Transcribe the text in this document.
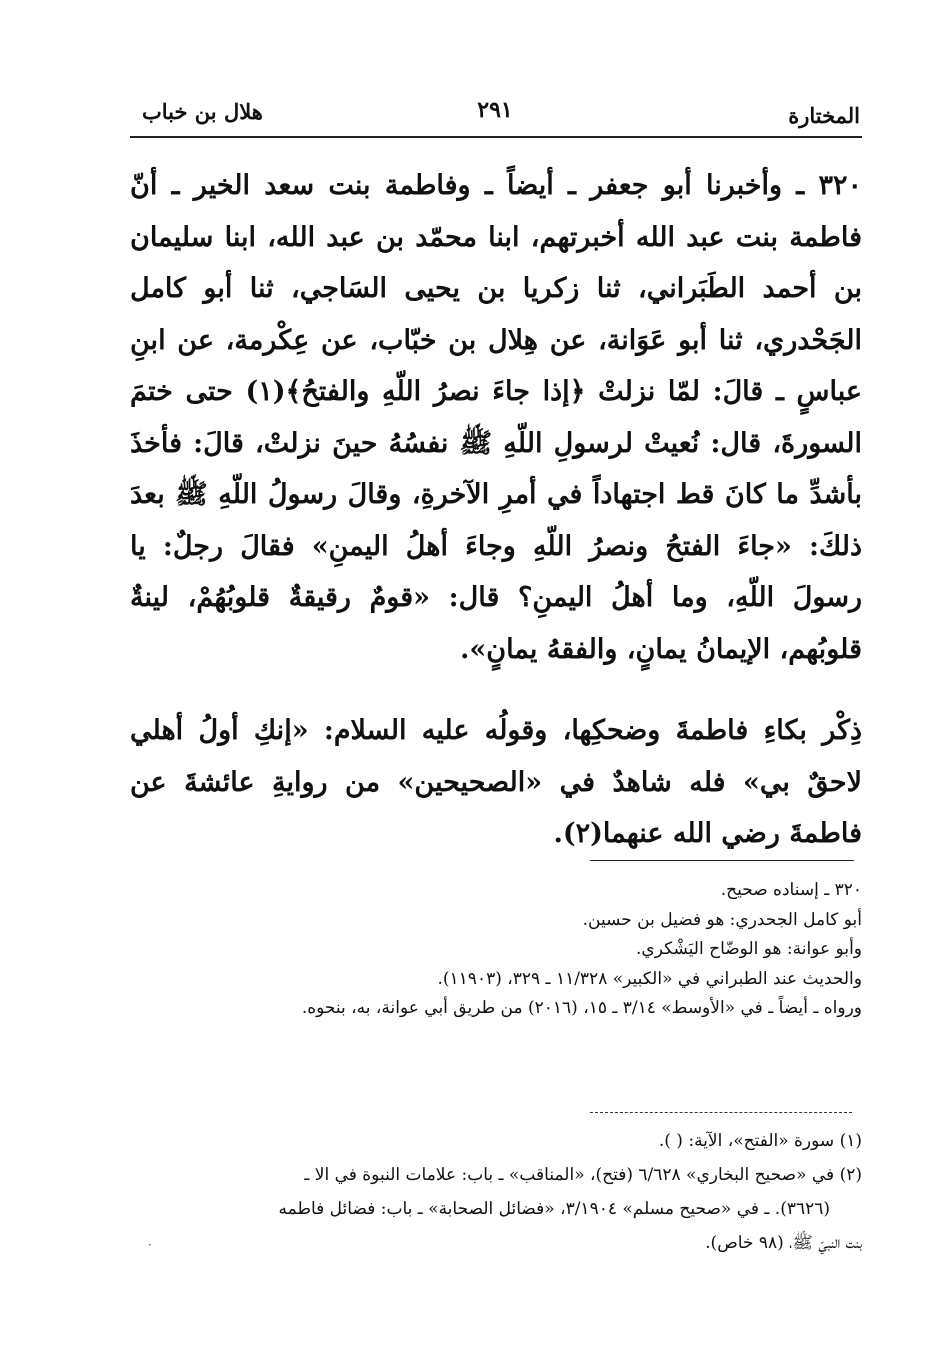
المختارة
٢٩١
هلال بن خباب

٣٢٠ ـ وأخبرنا أبو جعفر ـ أيضاً ـ وفاطمة بنت سعد الخير ـ أنّ فاطمة بنت عبد الله أخبرتهم، ابنا محمّد بن عبد الله، ابنا سليمان بن أحمد الطَبَراني، ثنا زكريا بن يحيى السَاجي، ثنا أبو كامل الجَحْدري، ثنا أبو عَوَانة، عن هِلال بن خبّاب، عن عِكْرمة، عن ابنِ عباسٍ ـ قالَ: لمّا نزلتْ ﴿إذا جاءَ نصرُ اللّهِ والفتحُ﴾(١) حتى ختمَ السورةَ، قال: نُعيتْ لرسولِ اللّهِ ﷺ نفسُهُ حينَ نزلتْ، قالَ: فأخذَ بأشدِّ ما كانَ قط اجتهاداً في أمرِ الآخرةِ، وقالَ رسولُ اللّهِ ﷺ بعدَ ذلكَ: «جاءَ الفتحُ ونصرُ اللّهِ وجاءَ أهلُ اليمنِ» فقالَ رجلٌ: يا رسولَ اللّهِ، وما أهلُ اليمنِ؟ قال: «قومٌ رقيقةٌ قلوبُهُمْ، لينةٌ قلوبُهم، الإيمانُ يمانٍ، والفقهُ يمانٍ».

ذِكْر بكاءِ فاطمةَ وضحكِها، وقولُه عليه السلام: «إنكِ أولُ أهلي لاحقٌ بي» فله شاهدٌ في «الصحيحين» من روايةِ عائشةَ عن فاطمةَ رضي الله عنهما(٢).

٣٢٠ ـ إسناده صحيح.

أبو كامل الجحدري: هو فضيل بن حسين.

وأبو عوانة: هو الوضّاح اليَشْكري.

والحديث عند الطبراني في «الكبير» ١١/٣٢٨ ـ ٣٢٩، (١١٩٠٣).

ورواه ـ أيضاً ـ في «الأوسط» ٣/١٤ ـ ١٥، (٢٠١٦) من طريق أبي عوانة، به، بنحوه.

(١) سورة «الفتح»، الآية: ( ).

(٢) في «صحيح البخاري» ٦/٦٢٨ (فتح)، «المناقب» ـ باب: علامات النبوة في الا ـ

(٣٦٢٦). ـ في «صحيح مسلم» ٣/١٩٠٤، «فضائل الصحابة» ـ باب: فضائل فاطمه

بنت النبيّ ﷺ، (٩٨ خاص).

·
